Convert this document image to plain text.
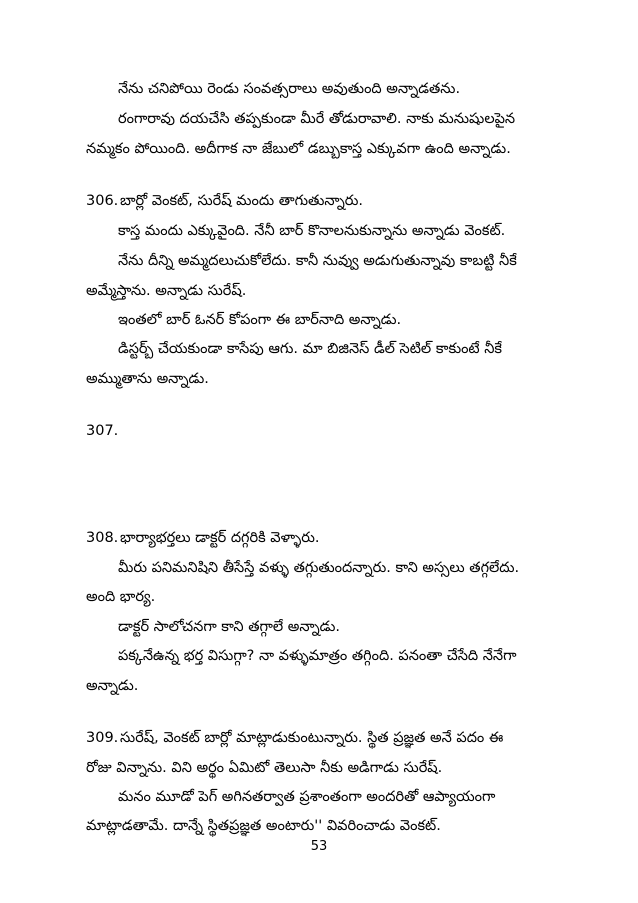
నేను చనిపోయి రెండు సంవత్సరాలు అవుతుంది అన్నాడతను.
రంగారావు దయచేసి తప్పకుండా మీరే తోడురావాలి. నాకు మనుషులపైన
నమ్మకం పోయింది. అదీగాక నా జేబులో డబ్బుకాస్త ఎక్కువగా ఉంది అన్నాడు.
306. బార్లో వెంకట్, సురేష్ మందు తాగుతున్నారు.
కాస్త మందు ఎక్కువైంది. నేనీ బార్ కొనాలనుకున్నాను అన్నాడు వెంకట్.
నేను దీన్ని అమ్మదలుచుకోలేదు. కానీ నువ్వు అడుగుతున్నావు కాబట్టి నీకే
అమ్మేస్తాను. అన్నాడు సురేష్.
ఇంతలో బార్ ఓనర్ కోపంగా ఈ బార్‌నాది అన్నాడు.
డిస్టర్బ్ చేయకుండా కాసేపు ఆగు. మా బిజినెస్ డీల్ సెటిల్ కాకుంటే నీకే
అమ్ముతాను అన్నాడు.
307.
308. భార్యాభర్తలు డాక్టర్ దగ్గరికి వెళ్ళారు.
మీరు పనిమనిషిని తీసేస్తే వళ్ళు తగ్గుతుందన్నారు. కాని అస్సలు తగ్గలేదు.
అంది భార్య.
డాక్టర్ సాలోచనగా కాని తగ్గాలే అన్నాడు.
పక్కనేఉన్న భర్త విసుగ్గా? నా వళ్ళుమాత్రం తగ్గింది. పనంతా చేసేది నేనేగా
అన్నాడు.
309. సురేష్, వెంకట్ బార్లో మాట్లాడుకుంటున్నారు. స్థిత ప్రజ్ఞత అనే పదం ఈ
రోజు విన్నాను. విని అర్థం ఏమిటో తెలుసా నీకు అడిగాడు సురేష్.
మనం మూడో పెగ్ అగినతర్వాత ప్రశాంతంగా అందరితో ఆప్యాయంగా
మాట్లాడతామే. దాన్నే స్థితప్రజ్ఞత అంటారు'' వివరించాడు వెంకట్.
53
